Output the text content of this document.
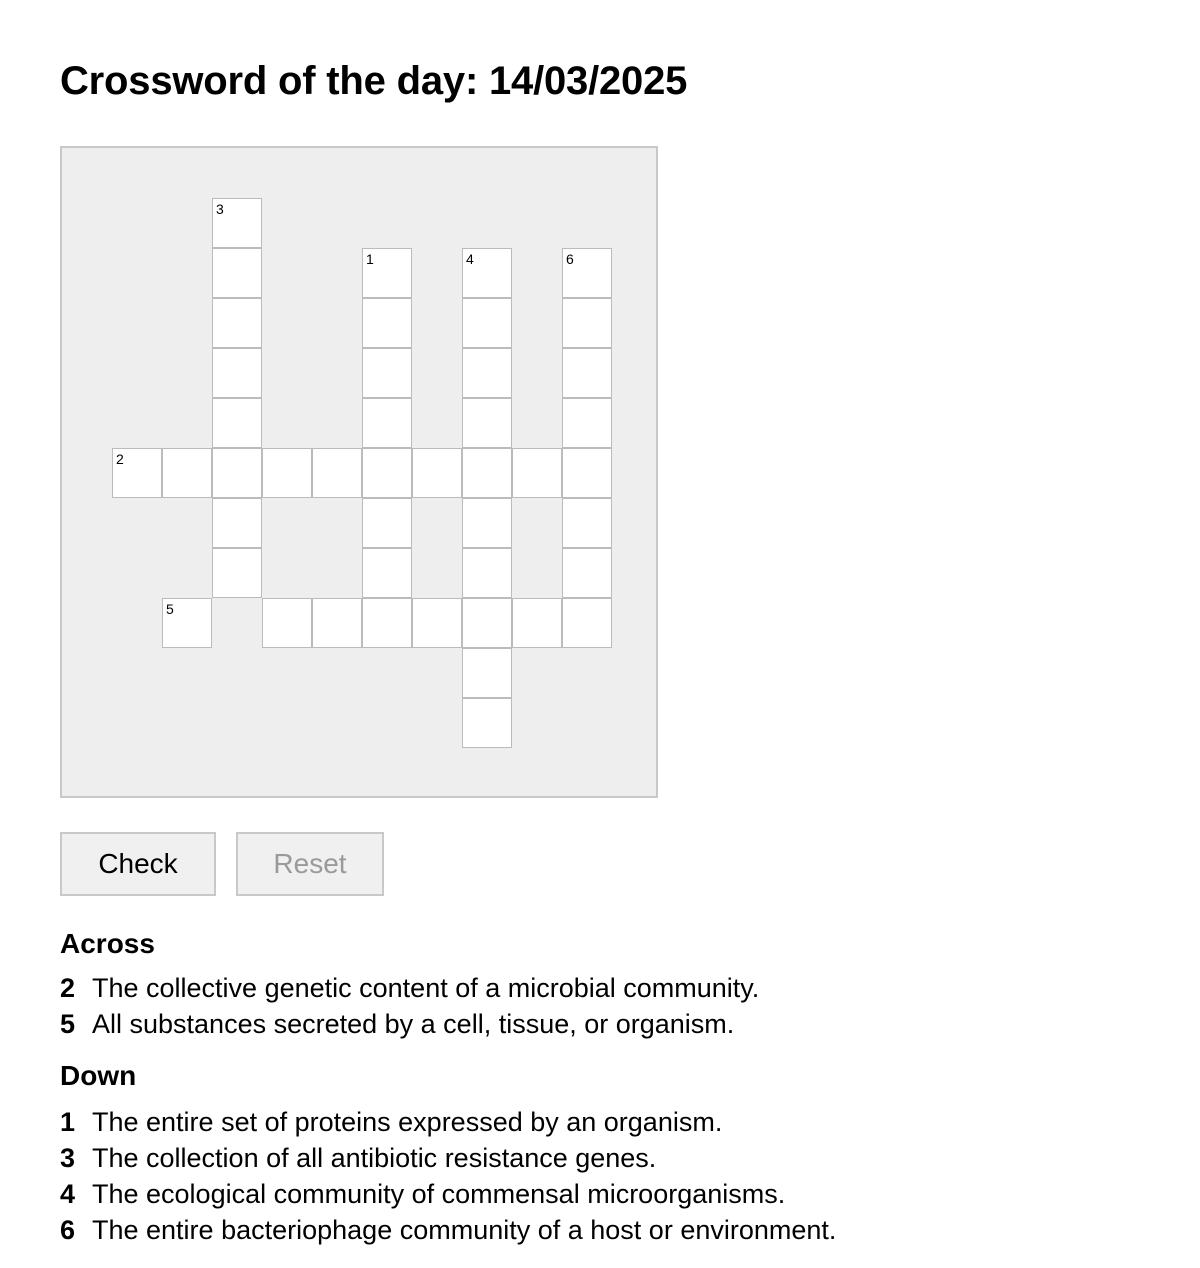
Crossword of the day: 14/03/2025
3
1	4	6
2
5
Check	Reset
Across
2 The collective genetic content of a microbial community.
5 All substances secreted by a cell, tissue, or organism.
Down
1 The entire set of proteins expressed by an organism.
3 The collection of all antibiotic resistance genes.
4 The ecological community of commensal microorganisms.
6 The entire bacteriophage community of a host or environment.
